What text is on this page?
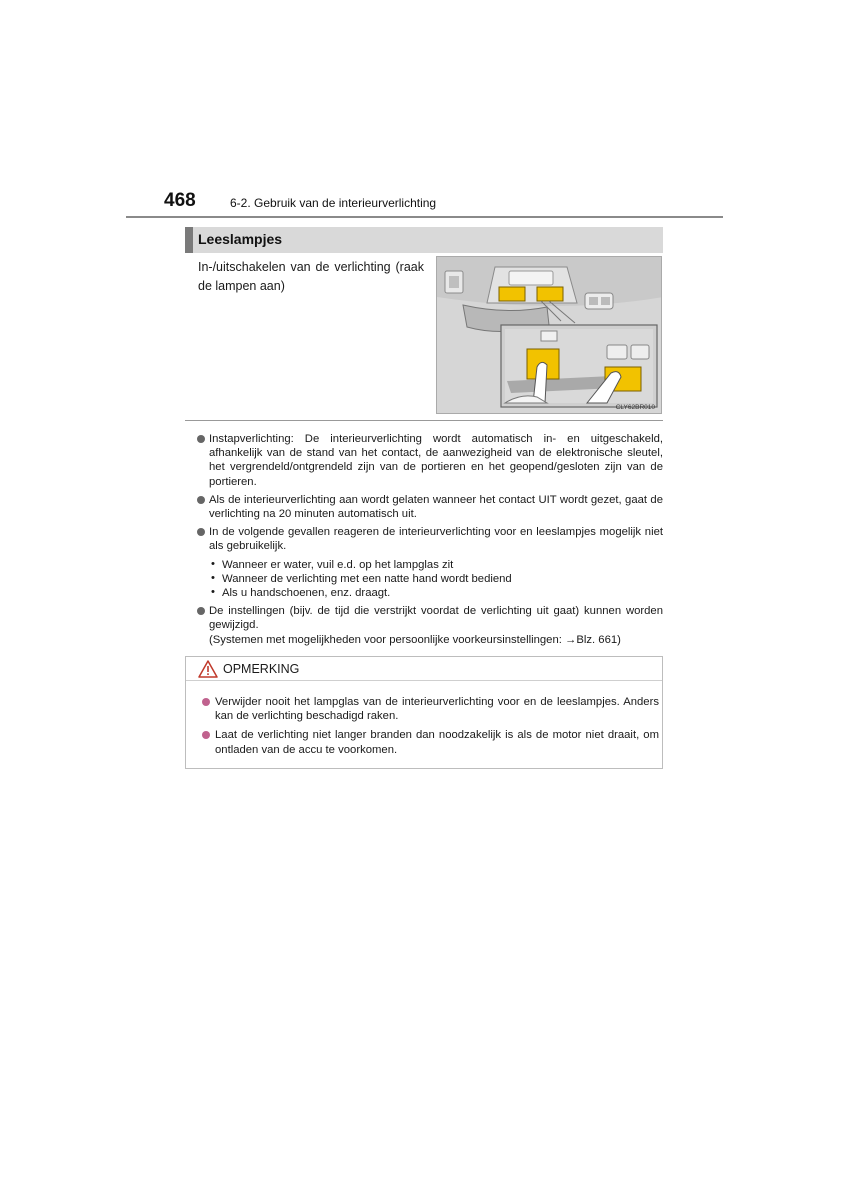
468	6-2. Gebruik van de interieurverlichting
Leeslampjes
In-/uitschakelen van de verlichting (raak de lampen aan)
CLY62BR010

Instapverlichting: De interieurverlichting wordt automatisch in- en uitgeschakeld, afhankelijk van de stand van het contact, de aanwezigheid van de elektronische sleutel, het vergrendeld/ontgrendeld zijn van de portieren en het geopend/gesloten zijn van de portieren.

Als de interieurverlichting aan wordt gelaten wanneer het contact UIT wordt gezet, gaat de verlichting na 20 minuten automatisch uit.

In de volgende gevallen reageren de interieurverlichting voor en leeslampjes mogelijk niet als gebruikelijk.

• Wanneer er water, vuil e.d. op het lampglas zit
• Wanneer de verlichting met een natte hand wordt bediend
• Als u handschoenen, enz. draagt.

De instellingen (bijv. de tijd die verstrijkt voordat de verlichting uit gaat) kunnen worden gewijzigd.

(Systemen met mogelijkheden voor persoonlijke voorkeursinstellingen: →Blz. 661)

OPMERKING
Verwijder nooit het lampglas van de interieurverlichting voor en de leeslampjes. Anders kan de verlichting beschadigd raken.
Laat de verlichting niet langer branden dan noodzakelijk is als de motor niet draait, om ontladen van de accu te voorkomen.
